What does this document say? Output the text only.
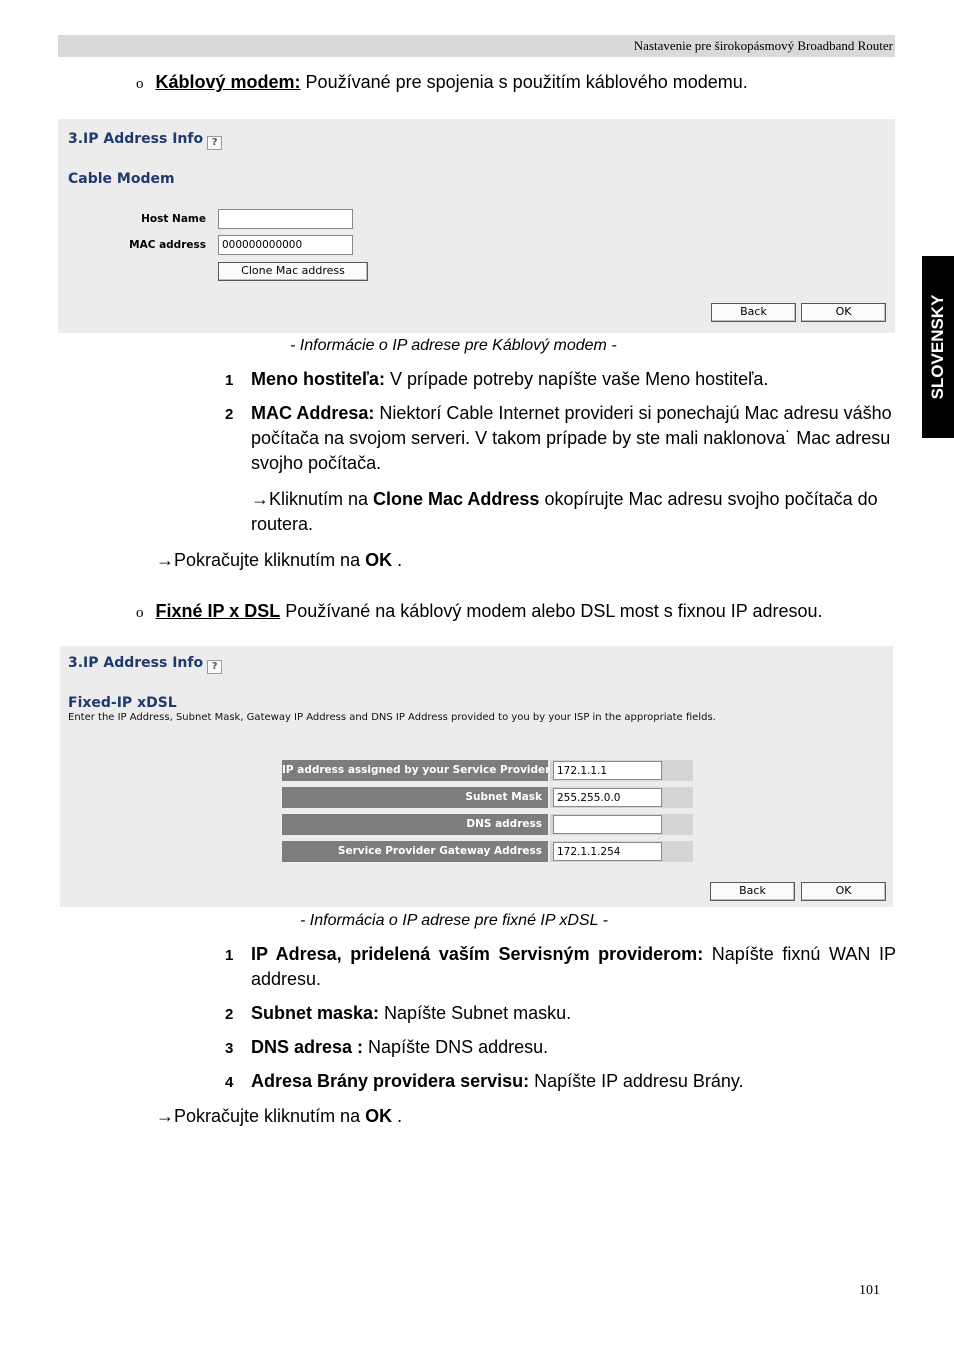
Nastavenie pre širokopásmový Broadband Router
SLOVENSKY
o Káblový modem: Používané pre spojenia s použitím káblového modemu.
3.IP Address Info ?
Cable Modem
Host Name
MAC address	000000000000
Clone Mac address
Back	OK
- Informácie o IP adrese pre Káblový modem -
1 Meno hostiteľa: V prípade potreby napíšte vaše Meno hostiteľa.
2 MAC Addresa: Niektorí Cable Internet provideri si ponechajú Mac adresu vášho počítača na svojom serveri. V takom prípade by ste mali naklonova˙ Mac adresu svojho počítača.
→Kliknutím na Clone Mac Address okopírujte Mac adresu svojho počítača do routera.
→Pokračujte kliknutím na OK .
o Fixné IP x DSL Používané na káblový modem alebo DSL most s fixnou IP adresou.
3.IP Address Info ?
Fixed-IP xDSL
Enter the IP Address, Subnet Mask, Gateway IP Address and DNS IP Address provided to you by your ISP in the appropriate fields.
IP address assigned by your Service Provider 172.1.1.1
Subnet Mask	255.255.0.0
DNS address
Service Provider Gateway Address	172.1.1.254
Back	OK
- Informácia o IP adrese pre fixné IP xDSL -
1 IP Adresa, pridelená vaším Servisným providerom: Napíšte fixnú WAN IP addresu.
2 Subnet maska: Napíšte Subnet masku.
3 DNS adresa : Napíšte DNS addresu.
4 Adresa Brány providera servisu: Napíšte IP addresu Brány.
→Pokračujte kliknutím na OK .
101
